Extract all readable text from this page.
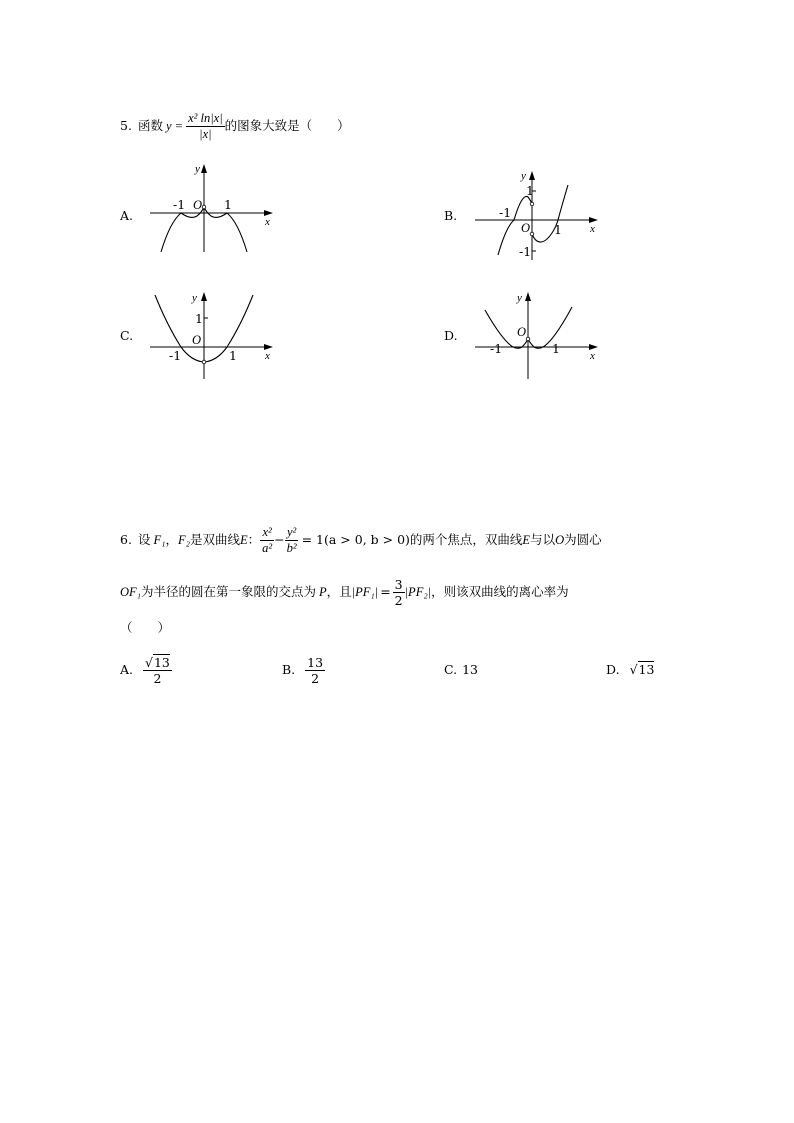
5. 函数 $y = \frac{\text{x² ln|x|}}{|x|}$ 的图象大致是（　　）
A.
y
x
O
-1	1
B.
y
x
O
-1
1
1
-1
C.
y
x
O
1
-1	1
D.
y
x
O
-1	1
6. 设 F₁ ， F₂ 是双曲线 E ： $\frac{\text{x²}}{\text{a²}} - \frac{\text{y²}}{\text{b²}} = 1(a > 0$, b > 0) 的两个焦点，双曲线 E 与以 O 为圆心
OF₁ 为半径的圆在第一象限的交点为 P ，且 $|PF_1| = \frac{3}{2} |PF_2|$ ，则该双曲线的离心率为
（　　）
A. $\frac{√13}{2}$	B. $\frac{13}{2}$	C. 13	D. √13
